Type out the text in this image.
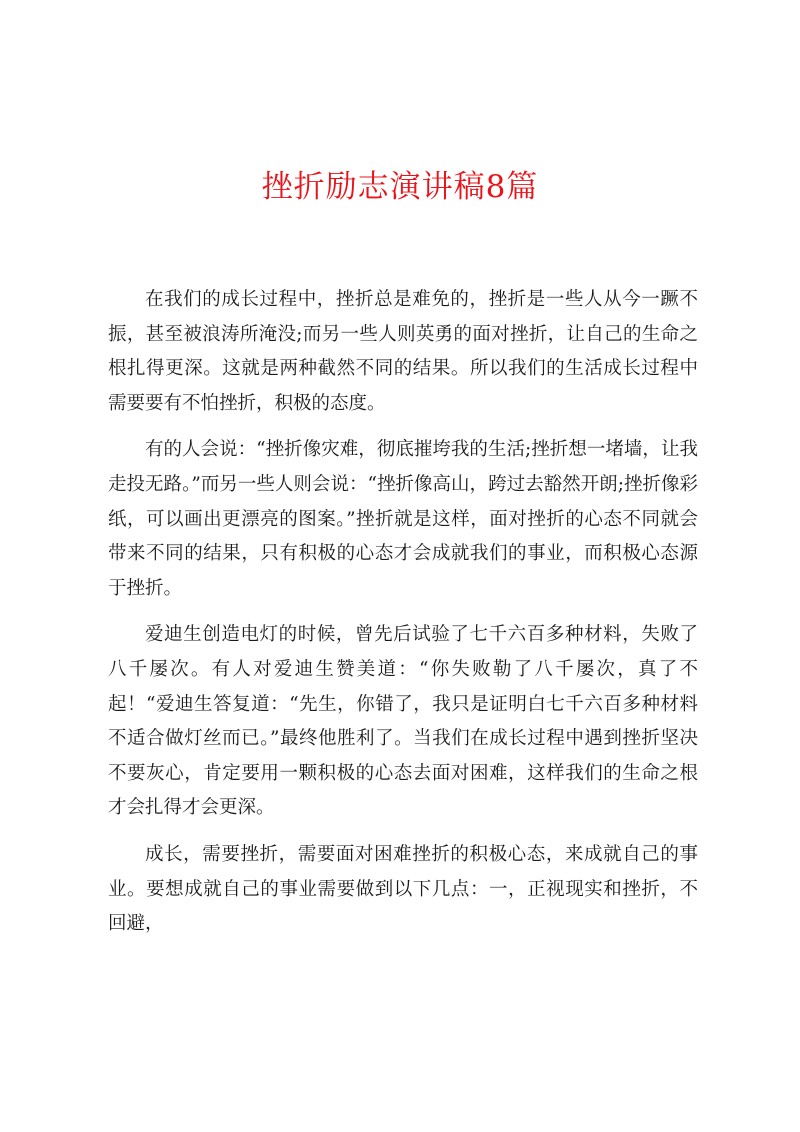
挫折励志演讲稿8篇

在我们的成长过程中，挫折总是难免的，挫折是一些人从今一蹶不振，甚至被浪涛所淹没;而另一些人则英勇的面对挫折，让自己的生命之根扎得更深。这就是两种截然不同的结果。所以我们的生活成长过程中需要要有不怕挫折，积极的态度。

有的人会说：“挫折像灾难，彻底摧垮我的生活;挫折想一堵墙，让我走投无路。”而另一些人则会说：“挫折像高山，跨过去豁然开朗;挫折像彩纸，可以画出更漂亮的图案。”挫折就是这样，面对挫折的心态不同就会带来不同的结果，只有积极的心态才会成就我们的事业，而积极心态源于挫折。

爱迪生创造电灯的时候，曾先后试验了七千六百多种材料，失败了八千屡次。有人对爱迪生赞美道：“你失败勒了八千屡次，真了不起！“爱迪生答复道：“先生，你错了，我只是证明白七千六百多种材料不适合做灯丝而已。”最终他胜利了。当我们在成长过程中遇到挫折坚决不要灰心，肯定要用一颗积极的心态去面对困难，这样我们的生命之根才会扎得才会更深。

成长，需要挫折，需要面对困难挫折的积极心态，来成就自己的事业。要想成就自己的事业需要做到以下几点：一，正视现实和挫折，不回避，
